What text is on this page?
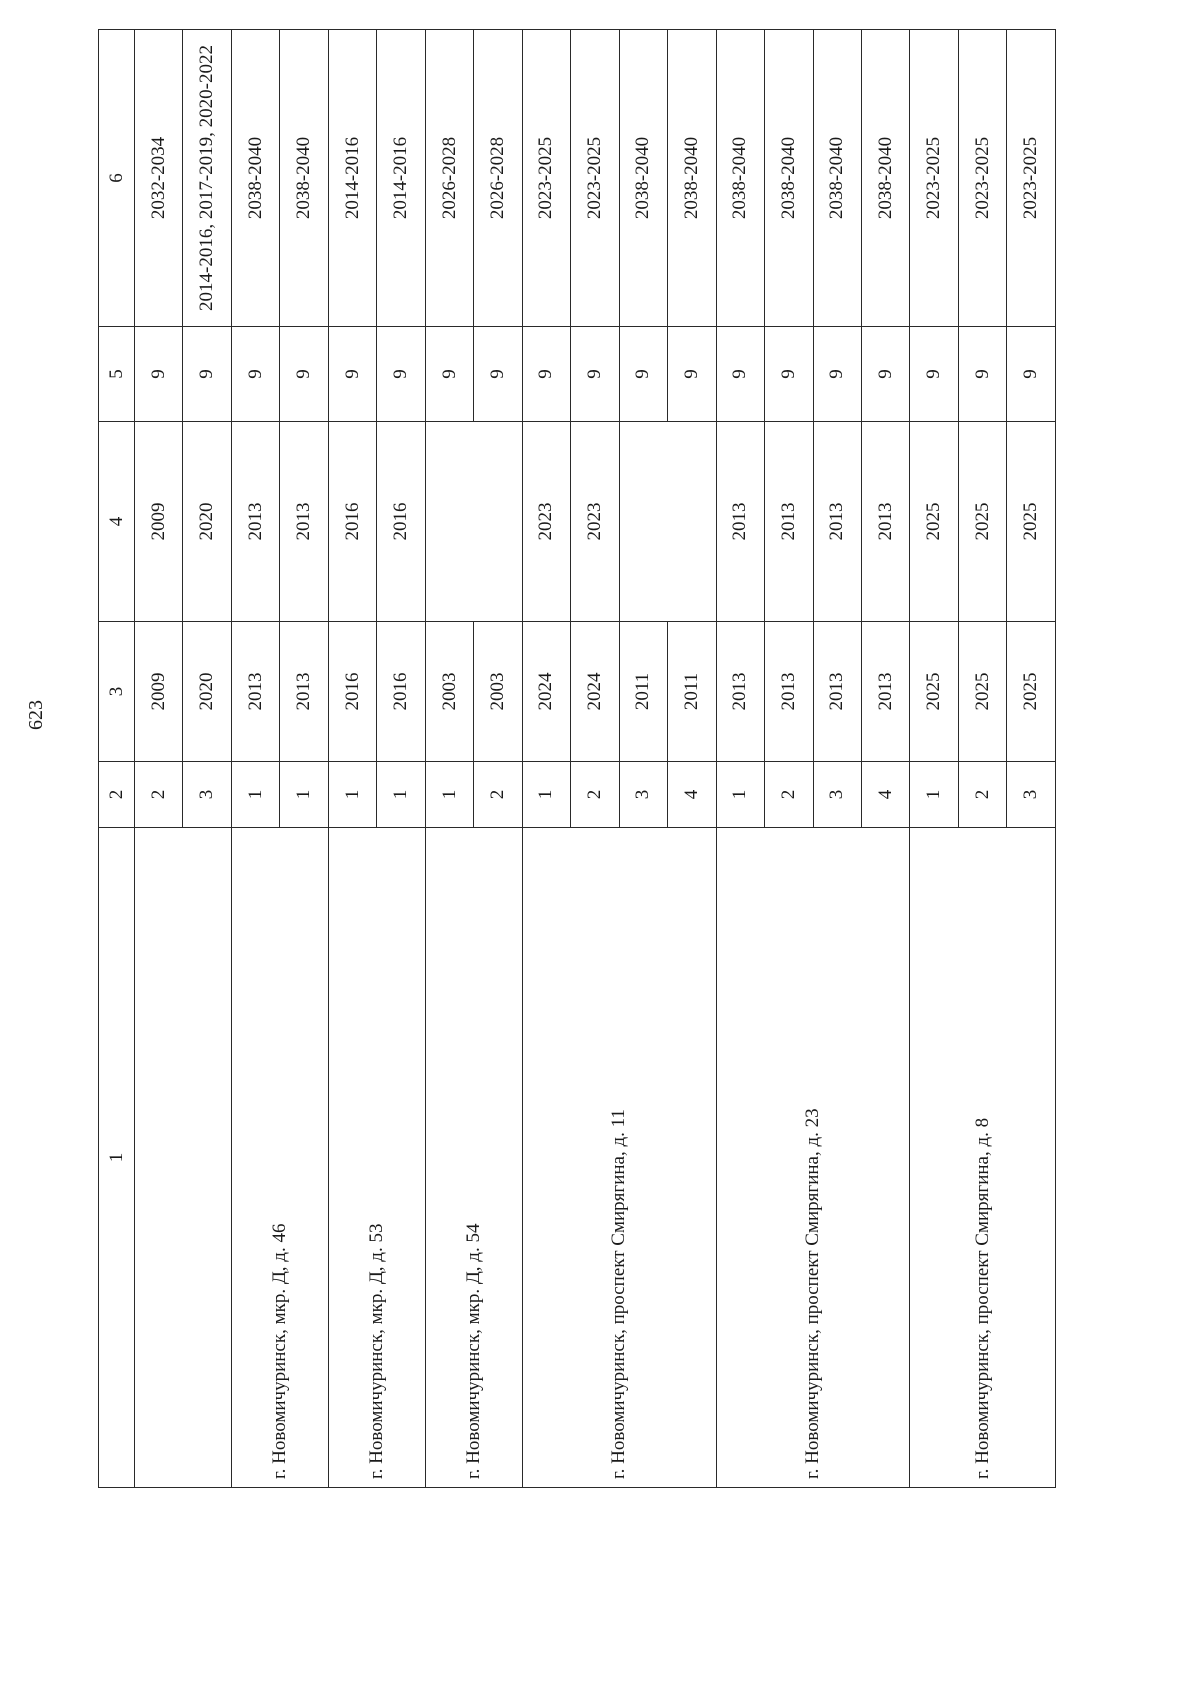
623
1	2	3	4	5	6
	2	2009	2009	9	2032-2034
	3	2020	2020	9	2014-2016, 2017-2019, 2020-2022
г. Новомичуринск, мкр. Д, д. 46	1	2013	2013	9	2038-2040
	1	2013	2013	9	2038-2040
г. Новомичуринск, мкр. Д, д. 53	1	2016	2016	9	2014-2016
	1	2016	2016	9	2014-2016
г. Новомичуринск, мкр. Д, д. 54	1	2003		9	2026-2028
	2	2003		9	2026-2028
г. Новомичуринск, проспект Смирягина, д. 11	1	2024	2023	9	2023-2025
	2	2024	2023	9	2023-2025
	3	2011		9	2038-2040
	4	2011		9	2038-2040
г. Новомичуринск, проспект Смирягина, д. 23	1	2013	2013	9	2038-2040
	2	2013	2013	9	2038-2040
	3	2013	2013	9	2038-2040
	4	2013	2013	9	2038-2040
г. Новомичуринск, проспект Смирягина, д. 8	1	2025	2025	9	2023-2025
	2	2025	2025	9	2023-2025
	3	2025	2025	9	2023-2025
